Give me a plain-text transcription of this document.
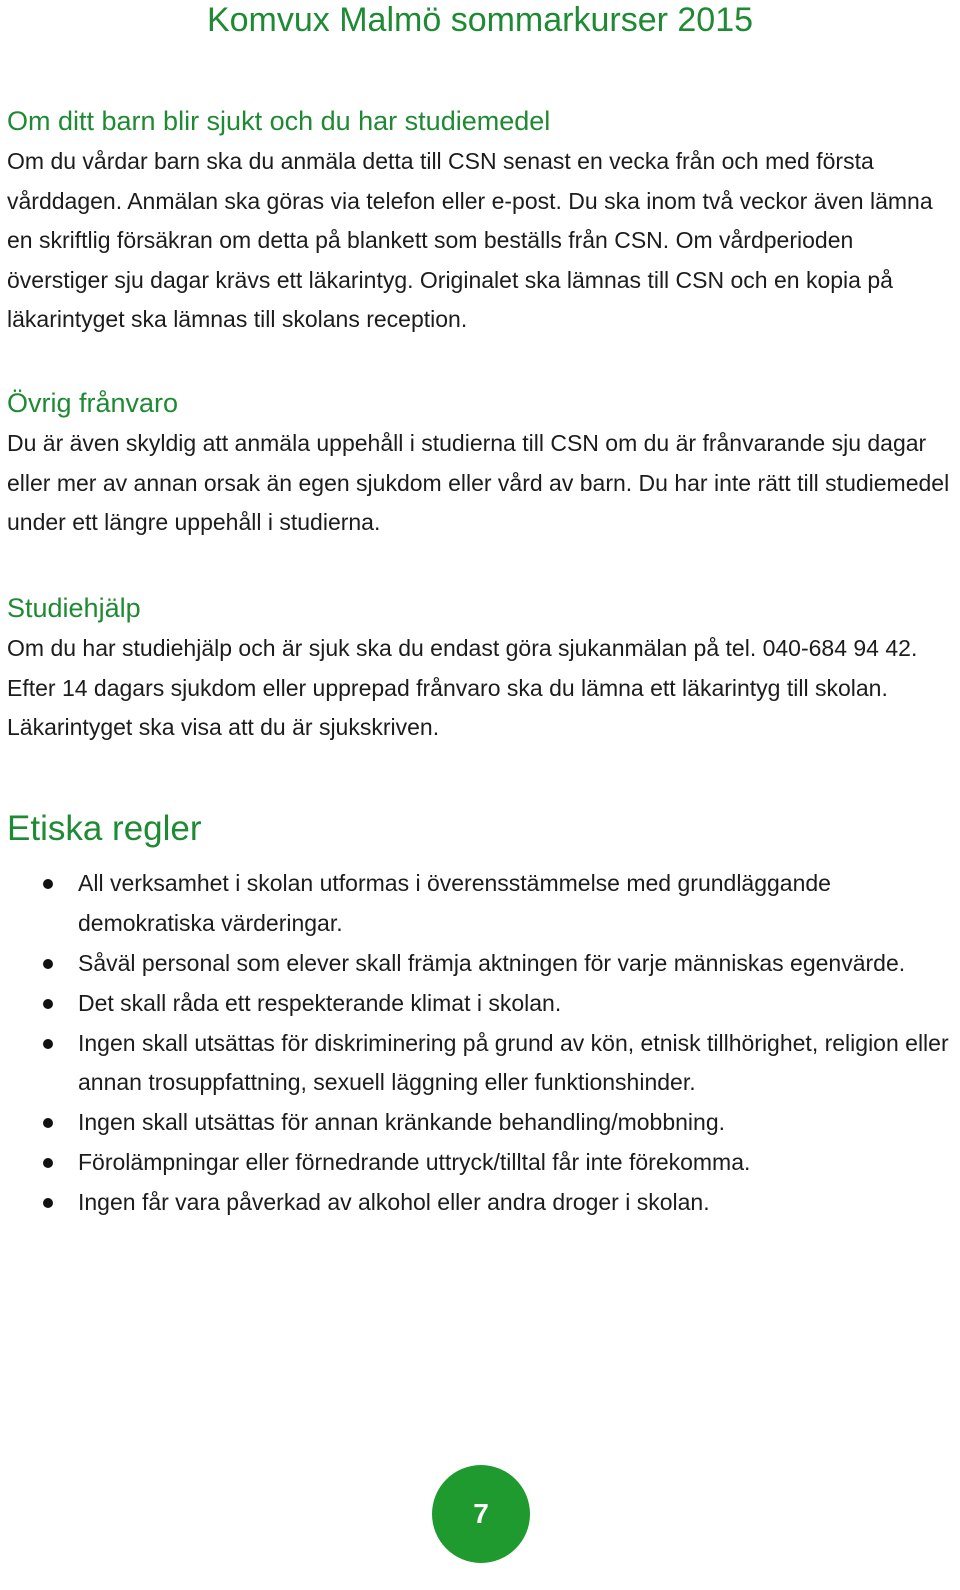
Komvux Malmö sommarkurser 2015
Om ditt barn blir sjukt och du har studiemedel

Om du vårdar barn ska du anmäla detta till CSN senast en vecka från och med första vårddagen. Anmälan ska göras via telefon eller e-post. Du ska inom två veckor även lämna en skriftlig försäkran om detta på blankett som beställs från CSN. Om vårdperioden överstiger sju dagar krävs ett läkarintyg. Originalet ska lämnas till CSN och en kopia på läkarintyget ska lämnas till skolans reception.

Övrig frånvaro

Du är även skyldig att anmäla uppehåll i studierna till CSN om du är frånvarande sju dagar eller mer av annan orsak än egen sjukdom eller vård av barn. Du har inte rätt till studiemedel under ett längre uppehåll i studierna.

Studiehjälp

Om du har studiehjälp och är sjuk ska du endast göra sjukanmälan på tel. 040-684 94 42. Efter 14 dagars sjukdom eller upprepad frånvaro ska du lämna ett läkarintyg till skolan. Läkarintyget ska visa att du är sjukskriven.

Etiska regler
All verksamhet i skolan utformas i överensstämmelse med grundläggande demokratiska värderingar.
Såväl personal som elever skall främja aktningen för varje människas egenvärde.
Det skall råda ett respekterande klimat i skolan.
Ingen skall utsättas för diskriminering på grund av kön, etnisk tillhörighet, religion eller annan trosuppfattning, sexuell läggning eller funktionshinder.
Ingen skall utsättas för annan kränkande behandling/mobbning.
Förolämpningar eller förnedrande uttryck/tilltal får inte förekomma.
Ingen får vara påverkad av alkohol eller andra droger i skolan.
7
